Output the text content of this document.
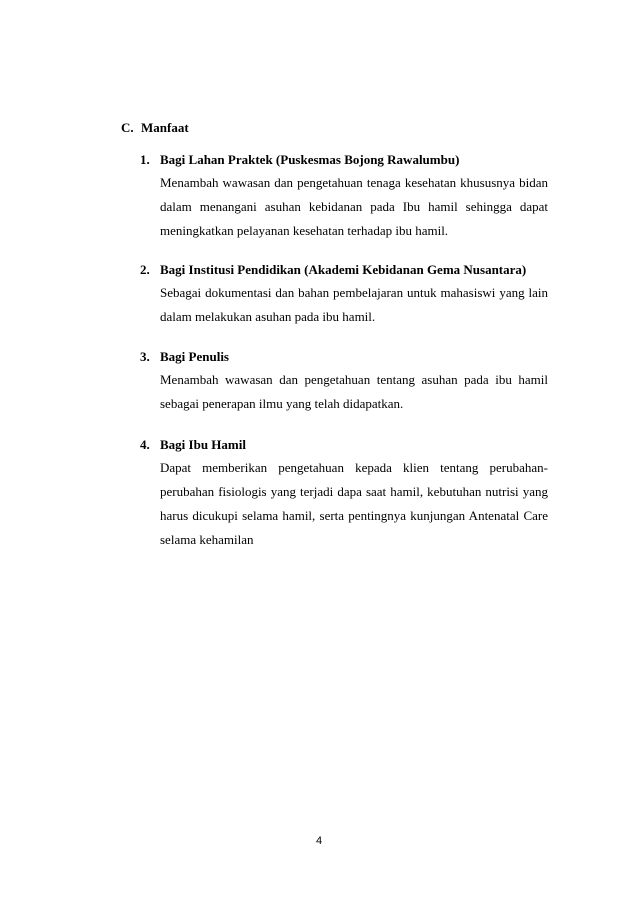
C. Manfaat
1. Bagi Lahan Praktek (Puskesmas Bojong Rawalumbu)
Menambah wawasan dan pengetahuan tenaga kesehatan khususnya bidan
dalam menangani asuhan kebidanan pada Ibu hamil sehingga dapat
meningkatkan pelayanan kesehatan terhadap ibu hamil.
2. Bagi Institusi Pendidikan (Akademi Kebidanan Gema Nusantara)
Sebagai dokumentasi dan bahan pembelajaran untuk mahasiswi yang lain
dalam melakukan asuhan pada ibu hamil.
3. Bagi Penulis
Menambah wawasan dan pengetahuan tentang asuhan pada ibu hamil
sebagai penerapan ilmu yang telah didapatkan.
4. Bagi Ibu Hamil
Dapat memberikan pengetahuan kepada klien tentang perubahan-
perubahan fisiologis yang terjadi dapa saat hamil, kebutuhan nutrisi yang
harus dicukupi selama hamil, serta pentingnya kunjungan Antenatal Care
selama kehamilan
4
